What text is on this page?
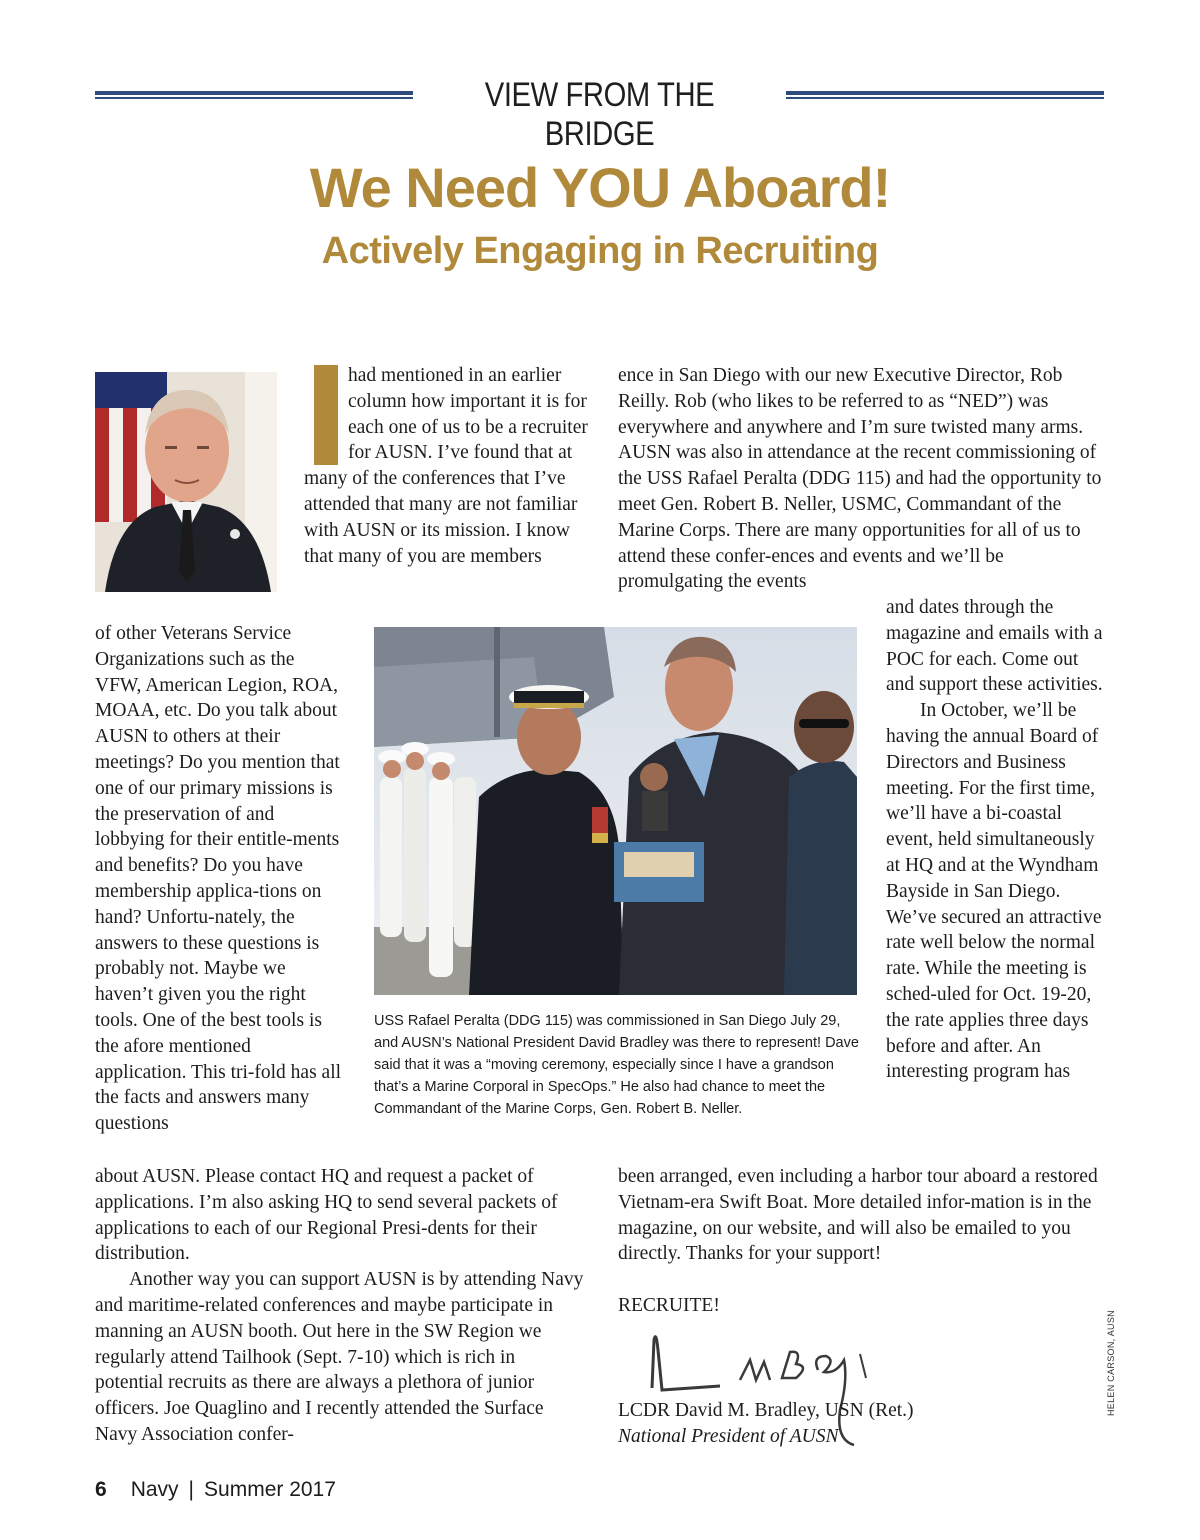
VIEW FROM THE BRIDGE
We Need YOU Aboard!
Actively Engaging in Recruiting

had mentioned in an earlier column how important it is for each one of us to be a recruiter for AUSN. I’ve found that at many of the conferences that I’ve attended that many are not familiar with AUSN or its mission. I know that many of you are members

ence in San Diego with our new Executive Director, Rob Reilly. Rob (who likes to be referred to as “NED”) was everywhere and anywhere and I’m sure twisted many arms. AUSN was also in attendance at the recent commissioning of the USS Rafael Peralta (DDG 115) and had the opportunity to meet Gen. Robert B. Neller, USMC, Commandant of the Marine Corps. There are many opportunities for all of us to attend these confer-ences and events and we’ll be promulgating the events
of other Veterans Service Organizations such as the VFW, American Legion, ROA, MOAA, etc. Do you talk about AUSN to others at their meetings? Do you mention that one of our primary missions is the preservation of and lobbying for their entitle-ments and benefits? Do you have membership applica-tions on hand? Unfortu-nately, the answers to these questions is probably not. Maybe we haven’t given you the right tools. One of the best tools is the afore mentioned application. This tri-fold has all the facts and answers many questions
USS Rafael Peralta (DDG 115) was commissioned in San Diego July 29, and AUSN’s National President David Bradley was there to represent! Dave said that it was a “moving ceremony, especially since I have a grandson that’s a Marine Corporal in SpecOps.” He also had chance to meet the Commandant of the Marine Corps, Gen. Robert B. Neller.

and dates through the magazine and emails with a POC for each. Come out and support these activities.

In October, we’ll be having the annual Board of Directors and Business meeting. For the first time, we’ll have a bi-coastal event, held simultaneously at HQ and at the Wyndham Bayside in San Diego. We’ve secured an attractive rate well below the normal rate. While the meeting is sched-uled for Oct. 19-20, the rate applies three days before and after. An interesting program has

about AUSN. Please contact HQ and request a packet of applications. I’m also asking HQ to send several packets of applications to each of our Regional Presi-dents for their distribution.

Another way you can support AUSN is by attending Navy and maritime-related conferences and maybe participate in manning an AUSN booth. Out here in the SW Region we regularly attend Tailhook (Sept. 7-10) which is rich in potential recruits as there are always a plethora of junior officers. Joe Quaglino and I recently attended the Surface Navy Association confer-

been arranged, even including a harbor tour aboard a restored Vietnam-era Swift Boat. More detailed infor-mation is in the magazine, on our website, and will also be emailed to you directly. Thanks for your support!

RECRUITE!

LCDR David M. Bradley, USN (Ret.)

National President of AUSN

HELEN CARSON, AUSN
6 Navy | Summer 2017
